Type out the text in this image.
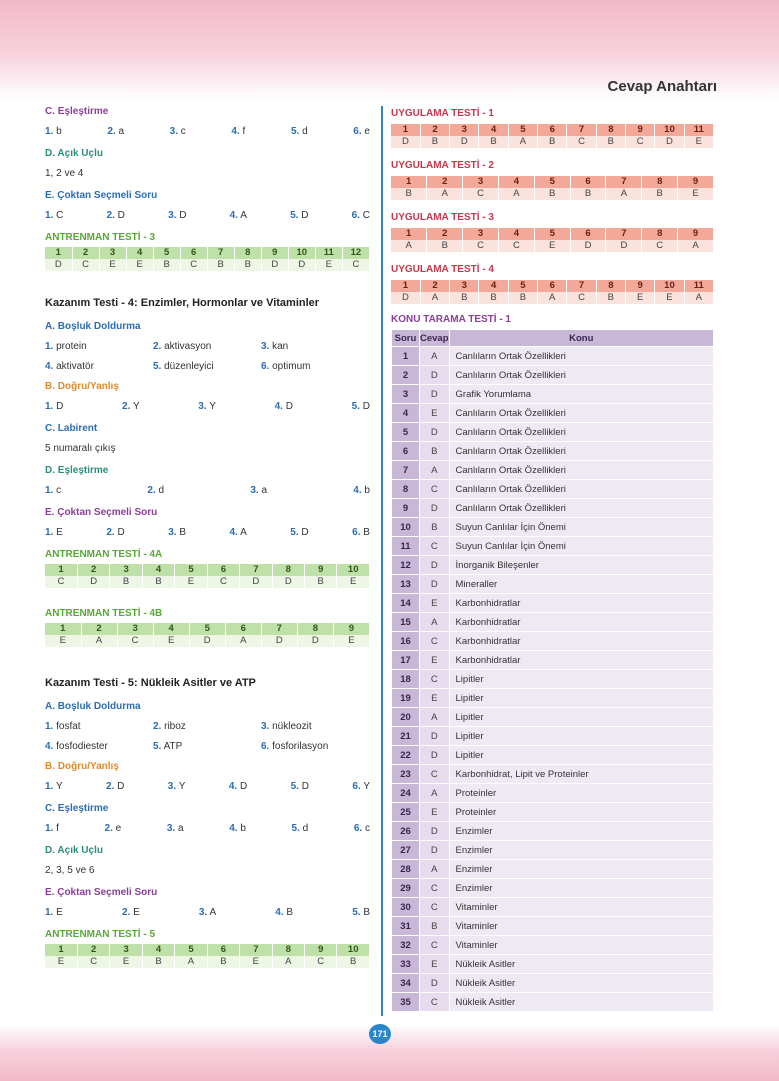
Cevap Anahtarı
C. Eşleştirme
1. b	2. a	3. c	4. f	5. d	6. e
D. Açık Uçlu
1, 2 ve 4
E. Çoktan Seçmeli Soru
1. C	2. D	3. D	4. A	5. D	6. C
ANTRENMAN TESTİ - 3
1	2	3	4	5	6	7	8	9	10	11	12
D	C	E	E	B	C	B	B	D	D	E	C
Kazanım Testi - 4: Enzimler, Hormonlar ve Vitaminler
A. Boşluk Doldurma
1. protein	2. aktivasyon	3. kan
4. aktivatör	5. düzenleyici	6. optimum
B. Doğru/Yanlış
1. D	2. Y	3. Y	4. D	5. D
C. Labirent
5 numaralı çıkış
D. Eşleştirme
1. c	2. d	3. a	4. b
E. Çoktan Seçmeli Soru
1. E	2. D	3. B	4. A	5. D	6. B
ANTRENMAN TESTİ - 4A
1	2	3	4	5	6	7	8	9	10
C	D	B	B	E	C	D	D	B	E
ANTRENMAN TESTİ - 4B
1	2	3	4	5	6	7	8	9
E	A	C	E	D	A	D	D	E
Kazanım Testi - 5: Nükleik Asitler ve ATP
A. Boşluk Doldurma
1. fosfat	2. riboz	3. nükleozit
4. fosfodiester	5. ATP	6. fosforilasyon
B. Doğru/Yanlış
1. Y	2. D	3. Y	4. D	5. D	6. Y
C. Eşleştirme
1. f	2. e	3. a	4. b	5. d	6. c
D. Açık Uçlu
2, 3, 5 ve 6
E. Çoktan Seçmeli Soru
1. E	2. E	3. A	4. B	5. B
ANTRENMAN TESTİ - 5
1	2	3	4	5	6	7	8	9	10
E	C	E	B	A	B	E	A	C	B
UYGULAMA TESTİ - 1
1	2	3	4	5	6	7	8	9	10	11
D	B	D	B	A	B	C	B	C	D	E
UYGULAMA TESTİ - 2
1	2	3	4	5	6	7	8	9
B	A	C	A	B	B	A	B	E
UYGULAMA TESTİ - 3
1	2	3	4	5	6	7	8	9
A	B	C	C	E	D	D	C	A
UYGULAMA TESTİ - 4
1	2	3	4	5	6	7	8	9	10	11
D	A	B	B	B	A	C	B	E	E	A
KONU TARAMA TESTİ - 1
Soru	Cevap	Konu
1	A	Canlıların Ortak Özellikleri
2	D	Canlıların Ortak Özellikleri
3	D	Grafik Yorumlama
4	E	Canlıların Ortak Özellikleri
5	D	Canlıların Ortak Özellikleri
6	B	Canlıların Ortak Özellikleri
7	A	Canlıların Ortak Özellikleri
8	C	Canlıların Ortak Özellikleri
9	D	Canlıların Ortak Özellikleri
10	B	Suyun Canlılar İçin Önemi
11	C	Suyun Canlılar İçin Önemi
12	D	İnorganik Bileşenler
13	D	Mineraller
14	E	Karbonhidratlar
15	A	Karbonhidratlar
16	C	Karbonhidratlar
17	E	Karbonhidratlar
18	C	Lipitler
19	E	Lipitler
20	A	Lipitler
21	D	Lipitler
22	D	Lipitler
23	C	Karbonhidrat, Lipit ve Proteinler
24	A	Proteinler
25	E	Proteinler
26	D	Enzimler
27	D	Enzimler
28	A	Enzimler
29	C	Enzimler
30	C	Vitaminler
31	B	Vitaminler
32	C	Vitaminler
33	E	Nükleik Asitler
34	D	Nükleik Asitler
35	C	Nükleik Asitler
171
